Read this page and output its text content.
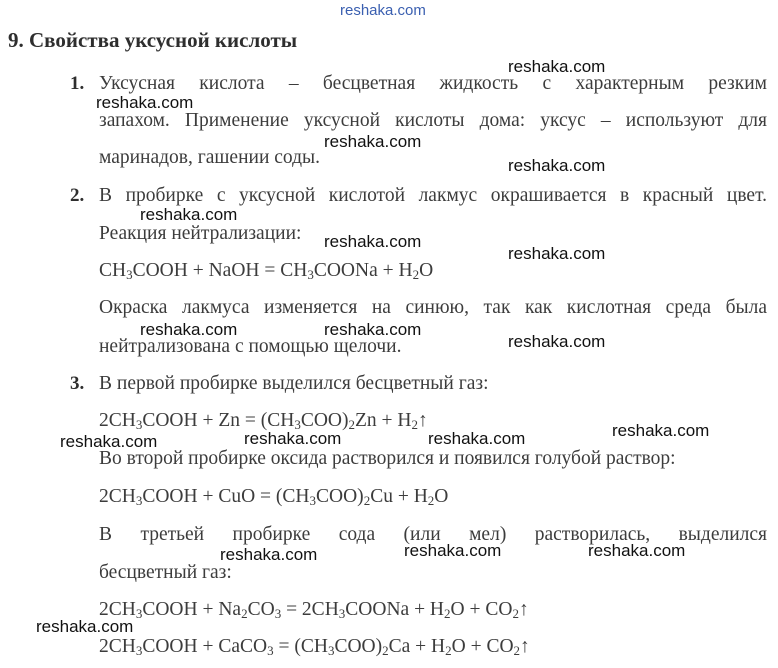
reshaka.com
reshaka.com
reshaka.com
reshaka.com
reshaka.com
reshaka.com
reshaka.com
reshaka.com
reshaka.com	reshaka.com
reshaka.com
reshaka.com
reshaka.com	reshaka.com
reshaka.com
reshaka.com	reshaka.com
reshaka.com
reshaka.com
9. Свойства уксусной кислоты
1.
2.
3.
Уксусная кислота – бесцветная жидкость с характерным резким
запахом. Применение уксусной кислоты дома: уксус – используют для
маринадов, гашении соды.
В пробирке с уксусной кислотой лакмус окрашивается в красный цвет.
Реакция нейтрализации:
$CH_3COOH$ + NaOH = $CH_3COONa + H_2O$
Окраска лакмуса изменяется на синюю, так как кислотная среда была
нейтрализована с помощью щелочи.
В первой пробирке выделился бесцветный газ:
$2CH_3COOH + Zn = (CH_3COO)_2Zn$ + $H_2↑$
Во второй пробирке оксида растворился и появился голубой раствор:
$2CH_3COOH$ + CuO = $(CH_3COO)_2Cu + H_2O$
В третьей пробирке сода (или мел) растворилась, выделился
бесцветный газ:
$2CH_3COOH + Na_2CO_3$ = $2CH_3COONa + H_2O$ + $CO_2↑$
$2CH_3COOH$ + CaCO$_3$ = $(CH_3COO)_2Ca + H_2O$ + $CO_2↑$
